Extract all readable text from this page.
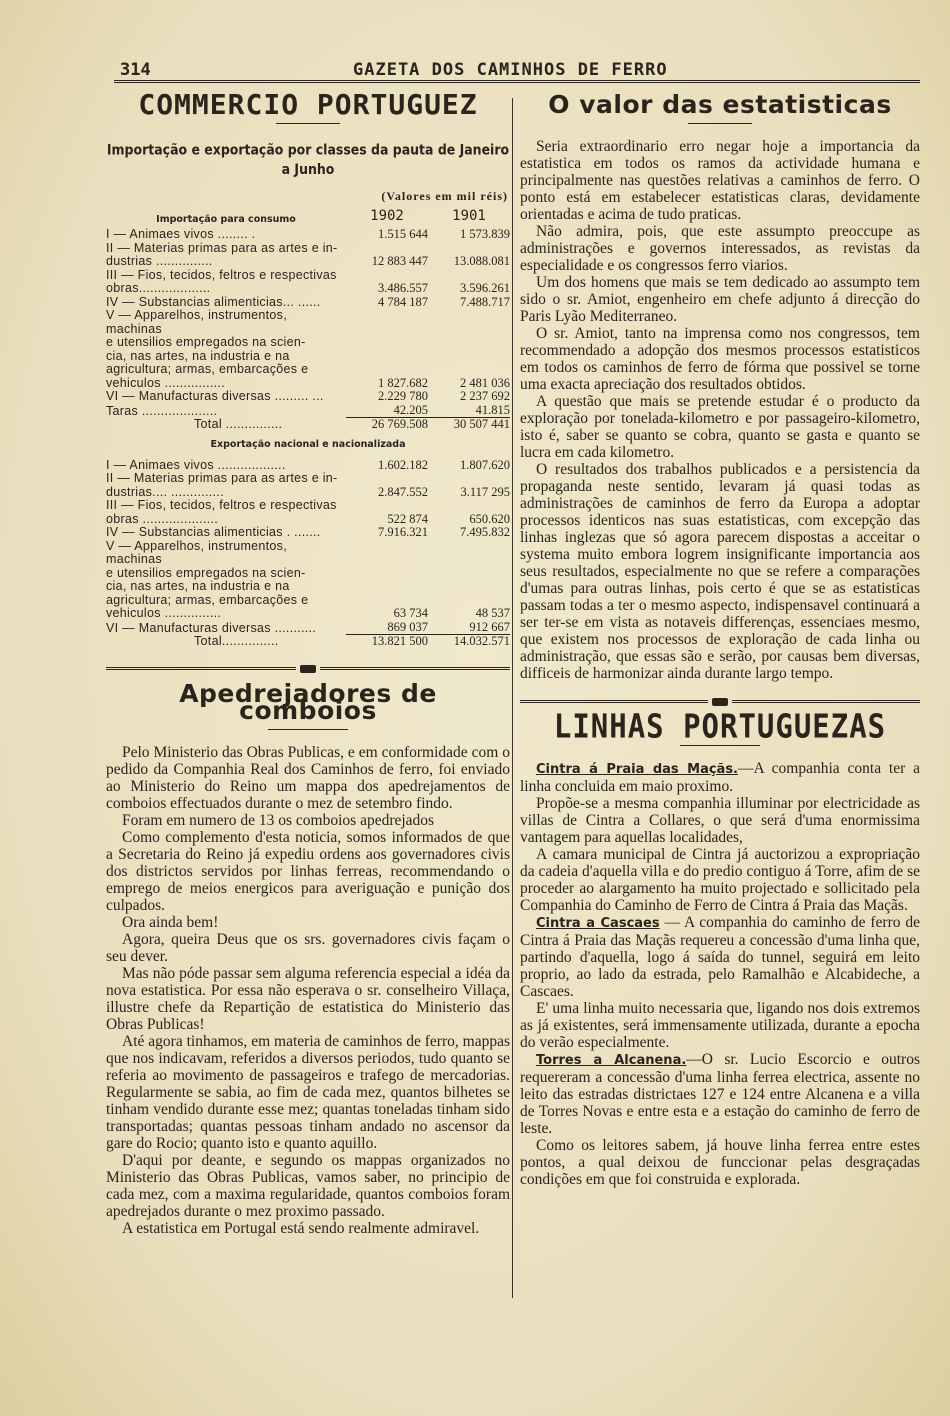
314	GAZETA DOS CAMINHOS DE FERRO
COMMERCIO PORTUGUEZ
Importação e exportação por classes da pauta de Janeiro a Junho
(Valores em mil réis)
Importação para consumo	1902	1901
I — Animaes vivos ........ .	1.515 644	1 573.839
II — Materias primas para as artes e in-
dustrias ...............	12 883 447	13.088.081
III — Fios, tecidos, feltros e respectivas
obras...................	3.486.557	3.596.261
IV — Substancias alimenticias... ......	4 784 187	7.488.717
V — Apparelhos, instrumentos, machinas
e utensilios empregados na scien-
cia, nas artes, na industria e na
agricultura; armas, embarcações e
vehiculos ................	1 827.682	2 481 036
VI — Manufacturas diversas ......... ...	2.229 780	2 237 692
Taras ....................	42.205	41.815
Total ...............	26 769.508	30 507 441
Exportação nacional e nacionalizada
I — Animaes vivos ..................	1.602.182	1.807.620
II — Materias primas para as artes e in-
dustrias.... ..............	2.847.552	3.117 295
III — Fios, tecidos, feltros e respectivas
obras ....................	522 874	650.620
IV — Substancias alimenticias . .......	7.916.321	7.495.832
V — Apparelhos, instrumentos, machinas
e utensilios empregados na scien-
cia, nas artes, na industria e na
agricultura; armas, embarcações e
vehiculos ...............	63 734	48 537
VI — Manufacturas diversas ...........	869 037	912 667
Total...............	13.821 500	14.032.571
Apedrejadores de comboios

Pelo Ministerio das Obras Publicas, e em conformidade com o pedido da Companhia Real dos Caminhos de ferro, foi enviado ao Ministerio do Reino um mappa dos apedrejamentos de comboios effectuados durante o mez de setembro findo.

Foram em numero de 13 os comboios apedrejados

Como complemento d'esta noticia, somos informados de que a Secretaria do Reino já expediu ordens aos governadores civis dos districtos servidos por linhas ferreas, recommendando o emprego de meios energicos para averiguação e punição dos culpados.

Ora ainda bem!

Agora, queira Deus que os srs. governadores civis façam o seu dever.

Mas não póde passar sem alguma referencia especial a idéa da nova estatistica. Por essa não esperava o sr. conselheiro Villaça, illustre chefe da Repartição de estatistica do Ministerio das Obras Publicas!

Até agora tinhamos, em materia de caminhos de ferro, mappas que nos indicavam, referidos a diversos periodos, tudo quanto se referia ao movimento de passageiros e trafego de mercadorias. Regularmente se sabia, ao fim de cada mez, quantos bilhetes se tinham vendido durante esse mez; quantas toneladas tinham sido transportadas; quantas pessoas tinham andado no ascensor da gare do Rocio; quanto isto e quanto aquillo.

D'aqui por deante, e segundo os mappas organizados no Ministerio das Obras Publicas, vamos saber, no principio de cada mez, com a maxima regularidade, quantos comboios foram apedrejados durante o mez proximo passado.

A estatistica em Portugal está sendo realmente admiravel.

O valor das estatisticas

Seria extraordinario erro negar hoje a importancia da estatistica em todos os ramos da actividade humana e principalmente nas questões relativas a caminhos de ferro. O ponto está em estabelecer estatisticas claras, devidamente orientadas e acima de tudo praticas.

Não admira, pois, que este assumpto preoccupe as administrações e governos interessados, as revistas da especialidade e os congressos ferro viarios.

Um dos homens que mais se tem dedicado ao assumpto tem sido o sr. Amiot, engenheiro em chefe adjunto á direcção do Paris Lyão Mediterraneo.

O sr. Amiot, tanto na imprensa como nos congressos, tem recommendado a adopção dos mesmos processos estatisticos em todos os caminhos de ferro de fórma que possivel se torne uma exacta apreciação dos resultados obtidos.

A questão que mais se pretende estudar é o producto da exploração por tonelada-kilometro e por passageiro-kilometro, isto é, saber se quanto se cobra, quanto se gasta e quanto se lucra em cada kilometro.

O resultados dos trabalhos publicados e a persistencia da propaganda neste sentido, levaram já quasi todas as administrações de caminhos de ferro da Europa a adoptar processos identicos nas suas estatisticas, com excepção das linhas inglezas que só agora parecem dispostas a acceitar o systema muito embora logrem insignificante importancia aos seus resultados, especialmente no que se refere a comparações d'umas para outras linhas, pois certo é que se as estatisticas passam todas a ter o mesmo aspecto, indispensavel continuará a ser ter-se em vista as notaveis differenças, essenciaes mesmo, que existem nos processos de exploração de cada linha ou administração, que essas são e serão, por causas bem diversas, difficeis de harmonizar ainda durante largo tempo.

LINHAS PORTUGUEZAS

Cintra á Praia das Maçãs.—A companhia conta ter a linha concluida em maio proximo.

Propõe-se a mesma companhia illuminar por electricidade as villas de Cintra a Collares, o que será d'uma enormissima vantagem para aquellas localidades,

A camara municipal de Cintra já auctorizou a expropriação da cadeia d'aquella villa e do predio contiguo á Torre, afim de se proceder ao alargamento ha muito projectado e sollicitado pela Companhia do Caminho de Ferro de Cintra á Praia das Maçãs.

Cintra a Cascaes — A companhia do caminho de ferro de Cintra á Praia das Maçãs requereu a concessão d'uma linha que, partindo d'aquella, logo á saída do tunnel, seguirá em leito proprio, ao lado da estrada, pelo Ramalhão e Alcabideche, a Cascaes.

E' uma linha muito necessaria que, ligando nos dois extremos as já existentes, será immensamente utilizada, durante a epocha do verão especialmente.

Torres a Alcanena.—O sr. Lucio Escorcio e outros requereram a concessão d'uma linha ferrea electrica, assente no leito das estradas districtaes 127 e 124 entre Alcanena e a villa de Torres Novas e entre esta e a estação do caminho de ferro de leste.

Como os leitores sabem, já houve linha ferrea entre estes pontos, a qual deixou de funccionar pelas desgraçadas condições em que foi construida e explorada.
